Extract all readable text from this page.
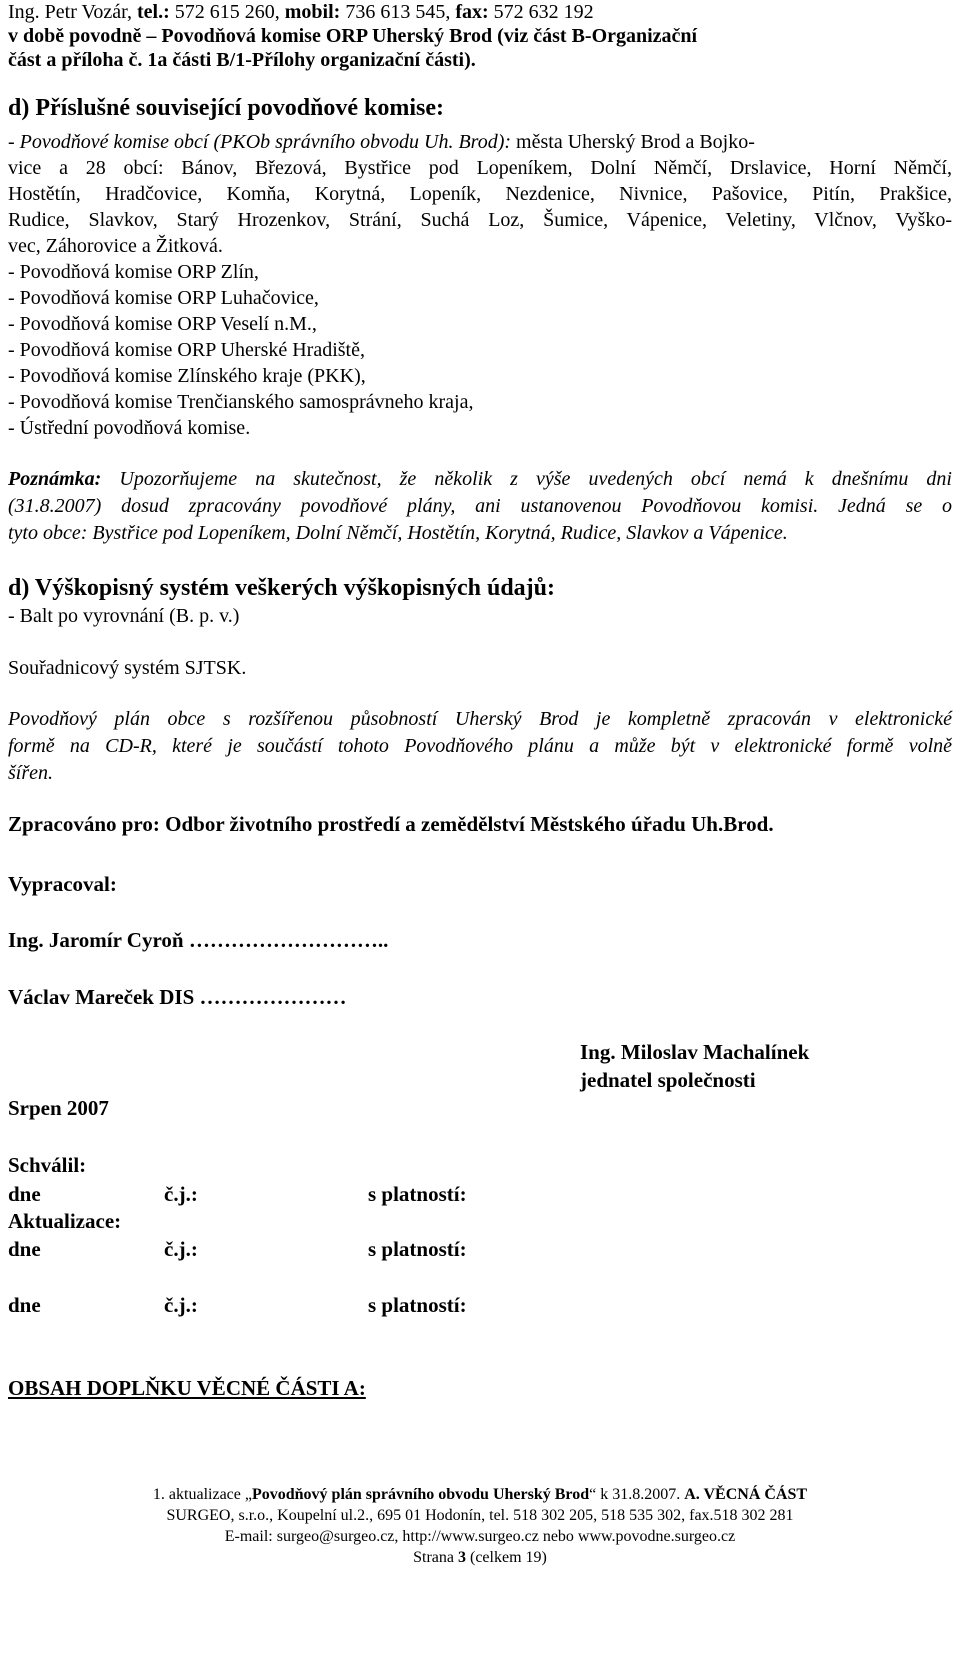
Ing. Petr Vozár, tel.: 572 615 260, mobil: 736 613 545, fax: 572 632 192
v době povodně – Povodňová komise ORP Uherský Brod (viz část B-Organizační
část a příloha č. 1a části B/1-Přílohy organizační části).
d) Příslušné související povodňové komise:
- Povodňové komise obcí (PKOb správního obvodu Uh. Brod): města Uherský Brod a Bojko-
vice a 28 obcí: Bánov, Březová, Bystřice pod Lopeníkem, Dolní Němčí, Drslavice, Horní Němčí,
Hostětín, Hradčovice, Komňa, Korytná, Lopeník, Nezdenice, Nivnice, Pašovice, Pitín, Prakšice,
Rudice, Slavkov, Starý Hrozenkov, Strání, Suchá Loz, Šumice, Vápenice, Veletiny, Vlčnov, Vyško-
vec, Záhorovice a Žitková.
- Povodňová komise ORP Zlín,
- Povodňová komise ORP Luhačovice,
- Povodňová komise ORP Veselí n.M.,
- Povodňová komise ORP Uherské Hradiště,
- Povodňová komise Zlínského kraje (PKK),
- Povodňová komise Trenčianského samosprávneho kraja,
- Ústřední povodňová komise.
Poznámka: Upozorňujeme na skutečnost, že několik z výše uvedených obcí nemá k dnešnímu dni
(31.8.2007) dosud zpracovány povodňové plány, ani ustanovenou Povodňovou komisi. Jedná se o
tyto obce: Bystřice pod Lopeníkem, Dolní Němčí, Hostětín, Korytná, Rudice, Slavkov a Vápenice.
d) Výškopisný systém veškerých výškopisných údajů:
- Balt po vyrovnání (B. p. v.)
Souřadnicový systém SJTSK.
Povodňový plán obce s rozšířenou působností Uherský Brod je kompletně zpracován v elektronické
formě na CD-R, které je součástí tohoto Povodňového plánu a může být v elektronické formě volně
šířen.
Zpracováno pro: Odbor životního prostředí a zemědělství Městského úřadu Uh.Brod.
Vypracoval:
Ing. Jaromír Cyroň ………………………..
Václav Mareček DIS …………………
Ing. Miloslav Machalínek
jednatel společnosti
Srpen 2007
Schválil:
dne	č.j.:	s platností:
Aktualizace:
dne	č.j.:	s platností:
dne	č.j.:	s platností:
OBSAH DOPLŇKU VĚCNÉ ČÁSTI A:
1. aktualizace „Povodňový plán správního obvodu Uherský Brod“ k 31.8.2007. A. VĚCNÁ ČÁST
SURGEO, s.r.o., Koupelní ul.2., 695 01 Hodonín, tel. 518 302 205, 518 535 302, fax.518 302 281
E-mail: surgeo@surgeo.cz, http://www.surgeo.cz nebo www.povodne.surgeo.cz
Strana 3 (celkem 19)
